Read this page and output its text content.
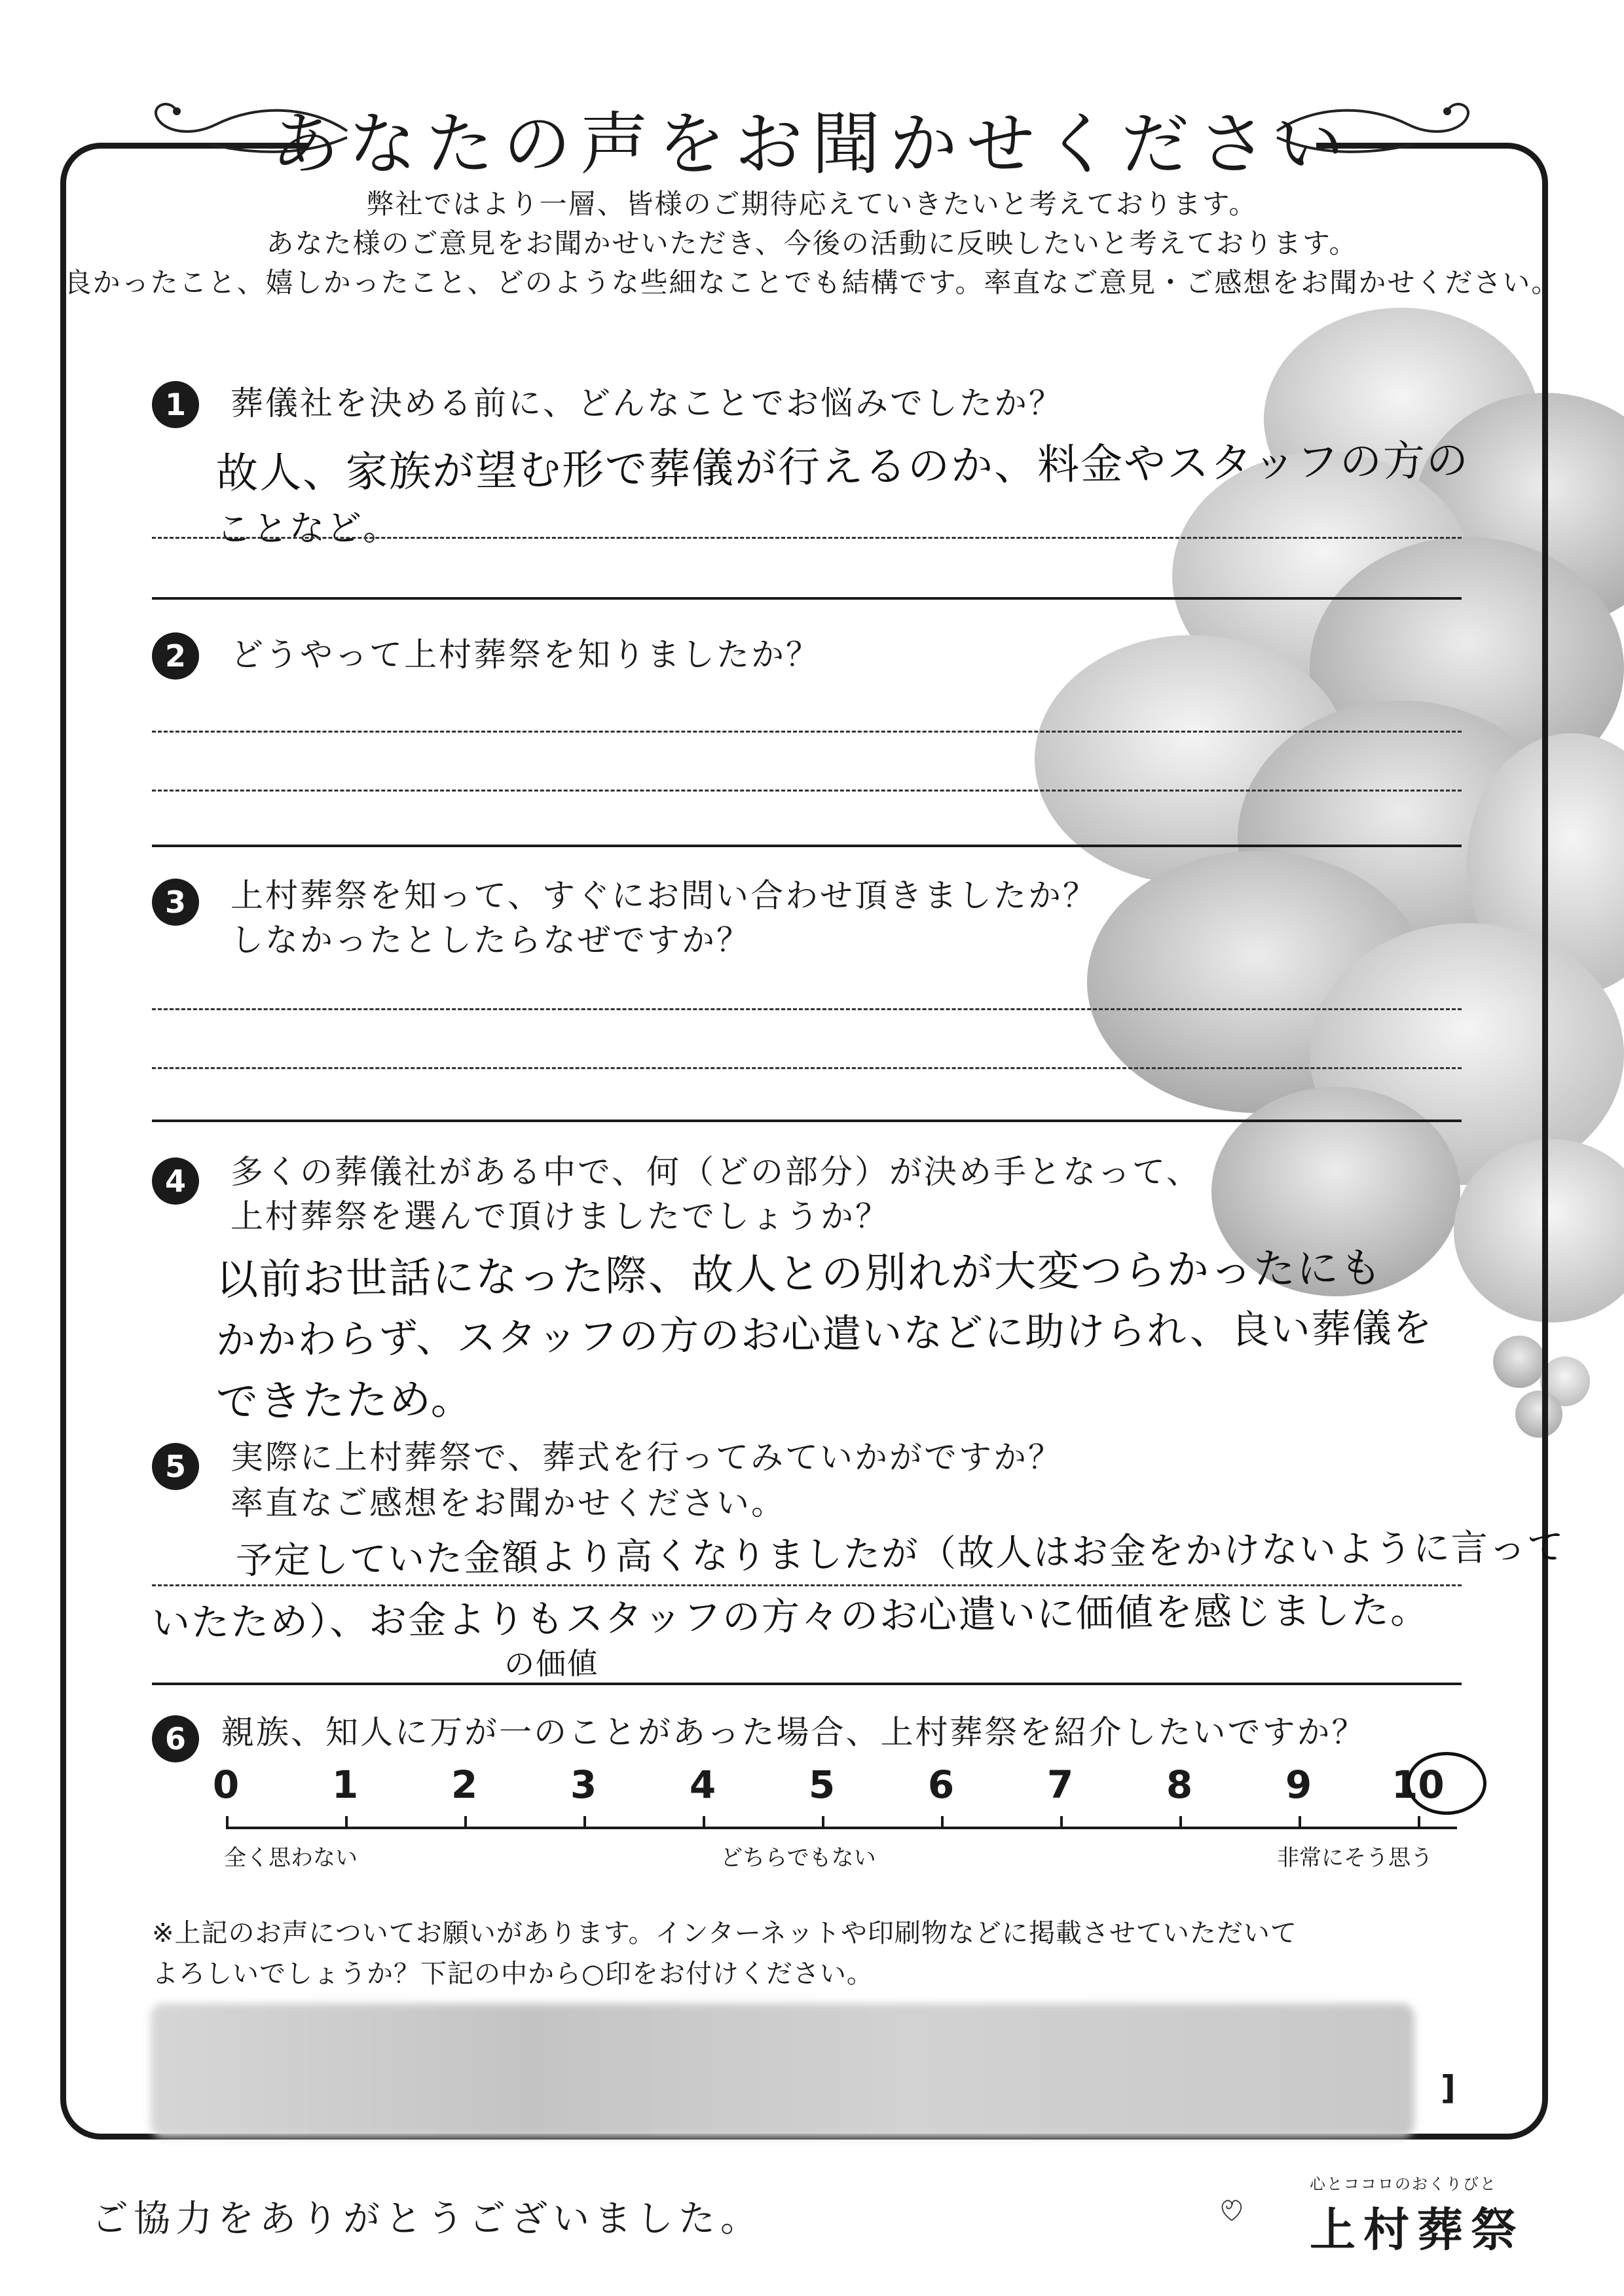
あなたの声をお聞かせください
弊社ではより一層、皆様のご期待応えていきたいと考えております。
あなた様のご意見をお聞かせいただき、今後の活動に反映したいと考えております。
良かったこと、嬉しかったこと、どのような些細なことでも結構です。率直なご意見・ご感想をお聞かせください。
1	葬儀社を決める前に、どんなことでお悩みでしたか？
故人、家族が望む形で葬儀が行えるのか、料金やスタッフの方の
ことなど。
2	どうやって上村葬祭を知りましたか？
3	上村葬祭を知って、すぐにお問い合わせ頂きましたか？
しなかったとしたらなぜですか？
4	多くの葬儀社がある中で、何（どの部分）が決め手となって、
上村葬祭を選んで頂けましたでしょうか？
以前お世話になった際、故人との別れが大変つらかったにも
かかわらず、スタッフの方のお心遣いなどに助けられ、良い葬儀を
できたため。
5	実際に上村葬祭で、葬式を行ってみていかがですか？
率直なご感想をお聞かせください。
予定していた金額より高くなりましたが（故人はお金をかけないように言って
いたため）、お金よりもスタッフの方々のお心遣いに価値を感じました。
の価値
6	親族、知人に万が一のことがあった場合、上村葬祭を紹介したいですか？
0	1	2	3	4	5	6	7	8	9	10
全く思わない	どちらでもない	非常にそう思う
※上記のお声についてお願いがあります。インターネットや印刷物などに掲載させていただいて
よろしいでしょうか？下記の中から○印をお付けください。
]
ご協力をありがとうございました。
心とココロのおくりびと
上村葬祭
